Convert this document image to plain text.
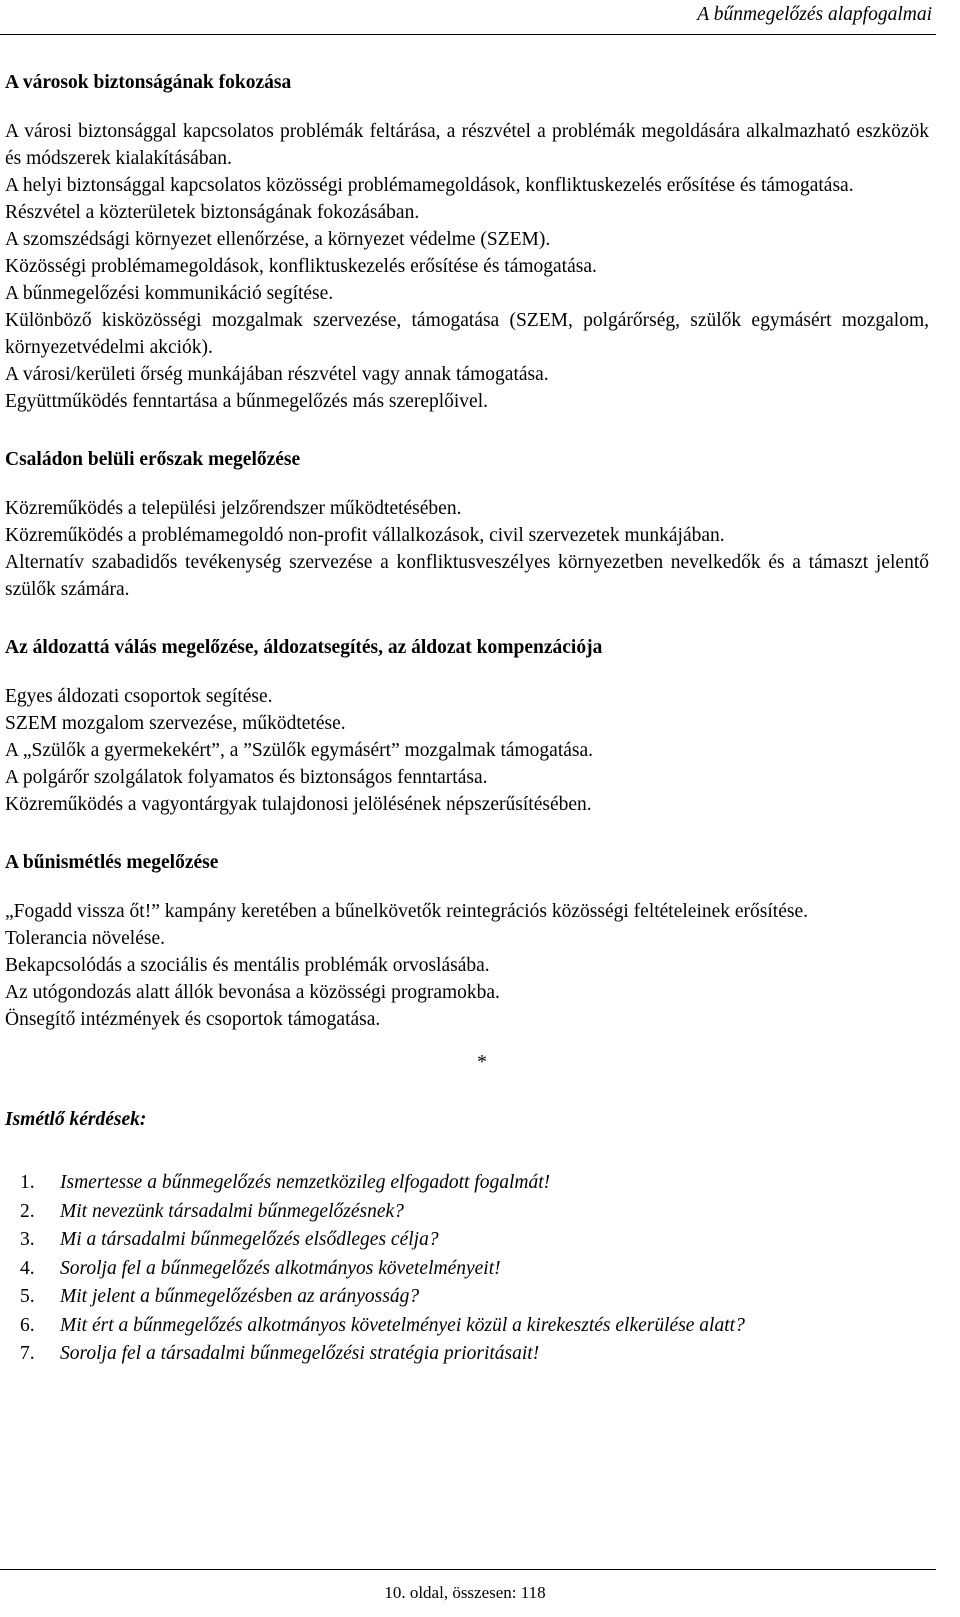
A bűnmegelőzés alapfogalmai
A városok biztonságának fokozása

A városi biztonsággal kapcsolatos problémák feltárása, a részvétel a problémák megoldására alkalmazható eszközök és módszerek kialakításában.

A helyi biztonsággal kapcsolatos közösségi problémamegoldások, konfliktuskezelés erősítése és támogatása.

Részvétel a közterületek biztonságának fokozásában.

A szomszédsági környezet ellenőrzése, a környezet védelme (SZEM).

Közösségi problémamegoldások, konfliktuskezelés erősítése és támogatása.

A bűnmegelőzési kommunikáció segítése.

Különböző kisközösségi mozgalmak szervezése, támogatása (SZEM, polgárőrség, szülők egymásért mozgalom, környezetvédelmi akciók).

A városi/kerületi őrség munkájában részvétel vagy annak támogatása.

Együttműködés fenntartása a bűnmegelőzés más szereplőivel.

Családon belüli erőszak megelőzése

Közreműködés a települési jelzőrendszer működtetésében.

Közreműködés a problémamegoldó non-profit vállalkozások, civil szervezetek munkájában.

Alternatív szabadidős tevékenység szervezése a konfliktusveszélyes környezetben nevelkedők és a támaszt jelentő szülők számára.

Az áldozattá válás megelőzése, áldozatsegítés, az áldozat kompenzációja

Egyes áldozati csoportok segítése.

SZEM mozgalom szervezése, működtetése.

A „Szülők a gyermekekért”, a ”Szülők egymásért” mozgalmak támogatása.

A polgárőr szolgálatok folyamatos és biztonságos fenntartása.

Közreműködés a vagyontárgyak tulajdonosi jelölésének népszerűsítésében.

A bűnismétlés megelőzése

„Fogadd vissza őt!” kampány keretében a bűnelkövetők reintegrációs közösségi feltételeinek erősítése.

Tolerancia növelése.

Bekapcsolódás a szociális és mentális problémák orvoslásába.

Az utógondozás alatt állók bevonása a közösségi programokba.

Önsegítő intézmények és csoportok támogatása.

*
Ismétlő kérdések:
1.	Ismertesse a bűnmegelőzés nemzetközileg elfogadott fogalmát!
2.	Mit nevezünk társadalmi bűnmegelőzésnek?
3.	Mi a társadalmi bűnmegelőzés elsődleges célja?
4.	Sorolja fel a bűnmegelőzés alkotmányos követelményeit!
5.	Mit jelent a bűnmegelőzésben az arányosság?
6.	Mit ért a bűnmegelőzés alkotmányos követelményei közül a kirekesztés elkerülése alatt?
7.	Sorolja fel a társadalmi bűnmegelőzési stratégia prioritásait!
10. oldal, összesen: 118
